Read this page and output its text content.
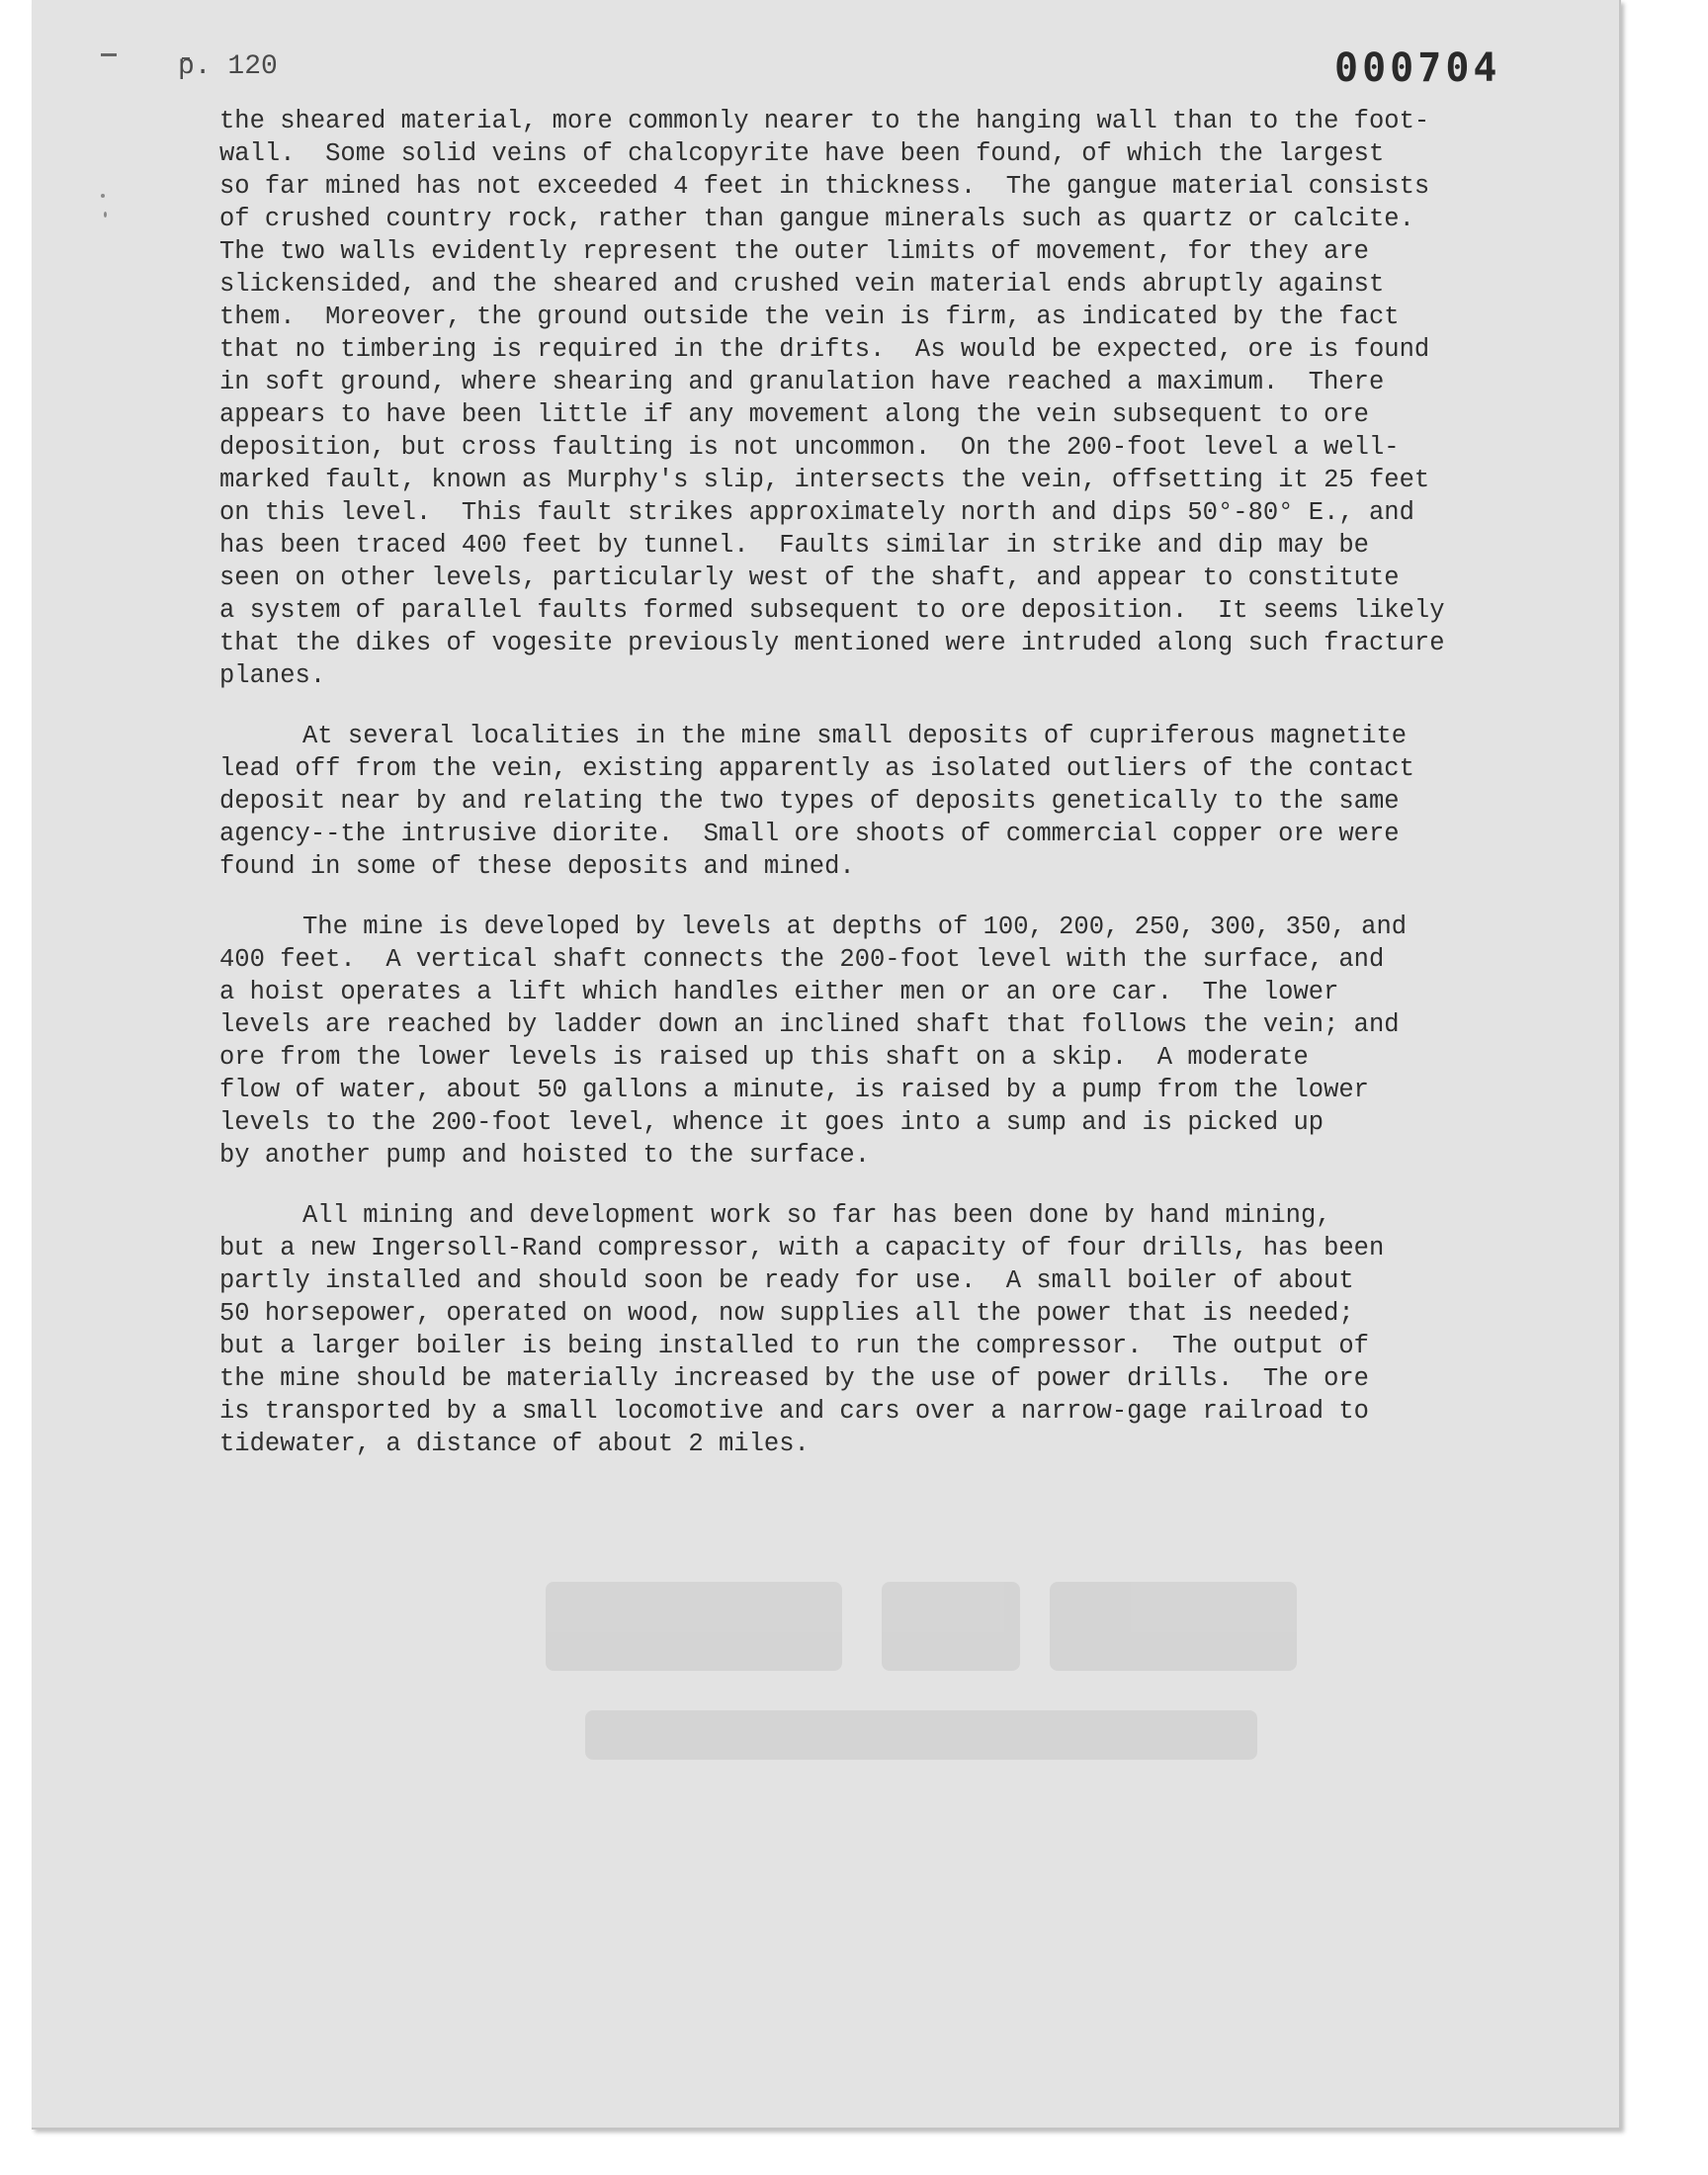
p. 120	000704
the sheared material, more commonly nearer to the hanging wall than to the foot-
wall.  Some solid veins of chalcopyrite have been found, of which the largest
so far mined has not exceeded 4 feet in thickness.  The gangue material consists
of crushed country rock, rather than gangue minerals such as quartz or calcite.
The two walls evidently represent the outer limits of movement, for they are
slickensided, and the sheared and crushed vein material ends abruptly against
them.  Moreover, the ground outside the vein is firm, as indicated by the fact
that no timbering is required in the drifts.  As would be expected, ore is found
in soft ground, where shearing and granulation have reached a maximum.  There
appears to have been little if any movement along the vein subsequent to ore
deposition, but cross faulting is not uncommon.  On the 200-foot level a well-
marked fault, known as Murphy's slip, intersects the vein, offsetting it 25 feet
on this level.  This fault strikes approximately north and dips 50°-80° E., and
has been traced 400 feet by tunnel.  Faults similar in strike and dip may be
seen on other levels, particularly west of the shaft, and appear to constitute
a system of parallel faults formed subsequent to ore deposition.  It seems likely
that the dikes of vogesite previously mentioned were intruded along such fracture
planes.
At several localities in the mine small deposits of cupriferous magnetite
lead off from the vein, existing apparently as isolated outliers of the contact
deposit near by and relating the two types of deposits genetically to the same
agency--the intrusive diorite.  Small ore shoots of commercial copper ore were
found in some of these deposits and mined.
The mine is developed by levels at depths of 100, 200, 250, 300, 350, and
400 feet.  A vertical shaft connects the 200-foot level with the surface, and
a hoist operates a lift which handles either men or an ore car.  The lower
levels are reached by ladder down an inclined shaft that follows the vein; and
ore from the lower levels is raised up this shaft on a skip.  A moderate
flow of water, about 50 gallons a minute, is raised by a pump from the lower
levels to the 200-foot level, whence it goes into a sump and is picked up
by another pump and hoisted to the surface.
All mining and development work so far has been done by hand mining,
but a new Ingersoll-Rand compressor, with a capacity of four drills, has been
partly installed and should soon be ready for use.  A small boiler of about
50 horsepower, operated on wood, now supplies all the power that is needed;
but a larger boiler is being installed to run the compressor.  The output of
the mine should be materially increased by the use of power drills.  The ore
is transported by a small locomotive and cars over a narrow-gage railroad to
tidewater, a distance of about 2 miles.
